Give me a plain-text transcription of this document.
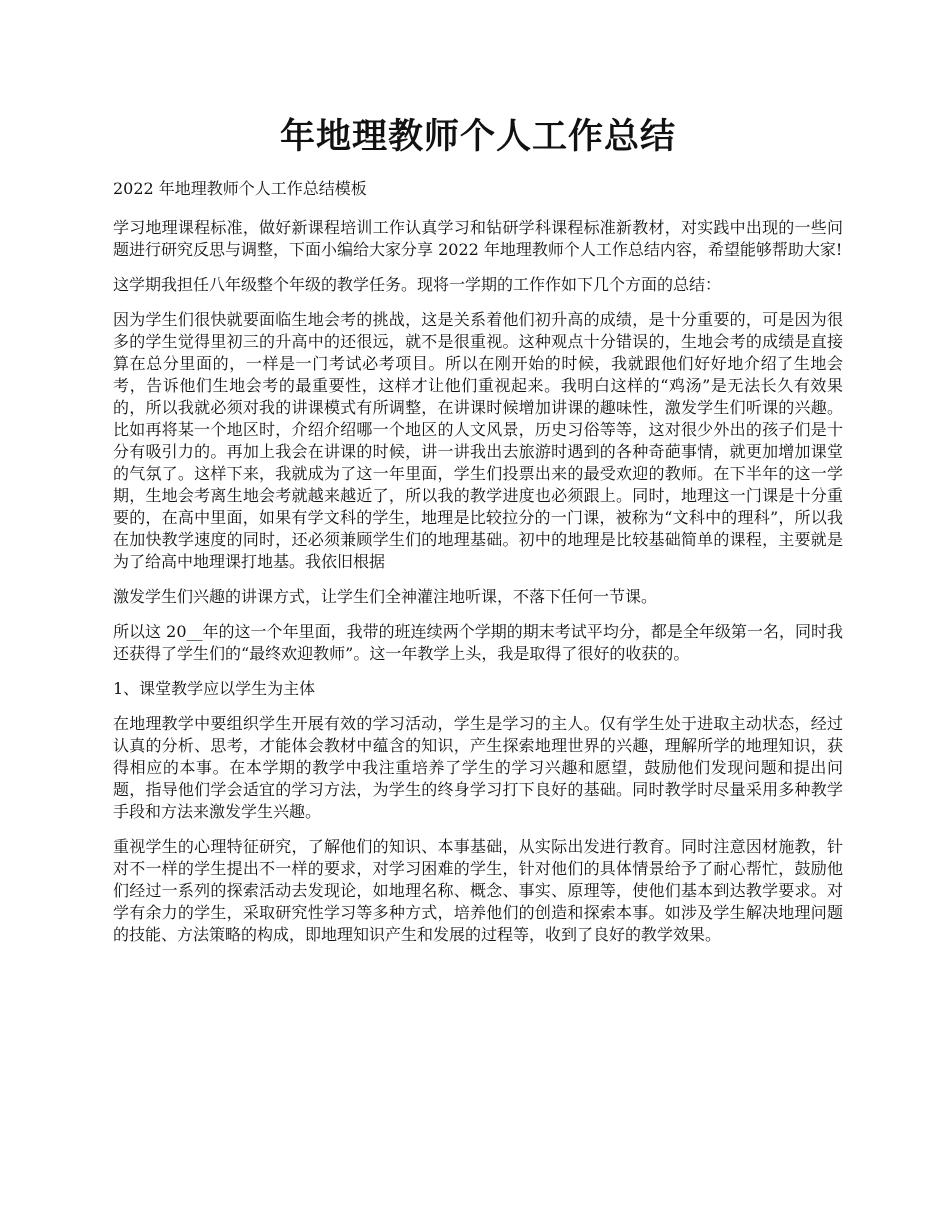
年地理教师个人工作总结

2022 年地理教师个人工作总结模板

学习地理课程标准，做好新课程培训工作认真学习和钻研学科课程标准新教材，对实践中出现的一些问题进行研究反思与调整，下面小编给大家分享 2022 年地理教师个人工作总结内容，希望能够帮助大家!

这学期我担任八年级整个年级的教学任务。现将一学期的工作作如下几个方面的总结：

因为学生们很快就要面临生地会考的挑战，这是关系着他们初升高的成绩，是十分重要的，可是因为很多的学生觉得里初三的升高中的还很远，就不是很重视。这种观点十分错误的，生地会考的成绩是直接算在总分里面的，一样是一门考试必考项目。所以在刚开始的时候，我就跟他们好好地介绍了生地会考，告诉他们生地会考的最重要性，这样才让他们重视起来。我明白这样的“鸡汤”是无法长久有效果的，所以我就必须对我的讲课模式有所调整，在讲课时候增加讲课的趣味性，激发学生们听课的兴趣。比如再将某一个地区时，介绍介绍哪一个地区的人文风景，历史习俗等等，这对很少外出的孩子们是十分有吸引力的。再加上我会在讲课的时候，讲一讲我出去旅游时遇到的各种奇葩事情，就更加增加课堂的气氛了。这样下来，我就成为了这一年里面，学生们投票出来的最受欢迎的教师。在下半年的这一学期，生地会考离生地会考就越来越近了，所以我的教学进度也必须跟上。同时，地理这一门课是十分重要的，在高中里面，如果有学文科的学生，地理是比较拉分的一门课，被称为“文科中的理科”，所以我在加快教学速度的同时，还必须兼顾学生们的地理基础。初中的地理是比较基础简单的课程，主要就是为了给高中地理课打地基。我依旧根据

激发学生们兴趣的讲课方式，让学生们全神灌注地听课，不落下任何一节课。

所以这 20__年的这一个年里面，我带的班连续两个学期的期末考试平均分，都是全年级第一名，同时我还获得了学生们的“最终欢迎教师”。这一年教学上头，我是取得了很好的收获的。

1、课堂教学应以学生为主体

在地理教学中要组织学生开展有效的学习活动，学生是学习的主人。仅有学生处于进取主动状态，经过认真的分析、思考，才能体会教材中蕴含的知识，产生探索地理世界的兴趣，理解所学的地理知识，获得相应的本事。在本学期的教学中我注重培养了学生的学习兴趣和愿望，鼓励他们发现问题和提出问题，指导他们学会适宜的学习方法，为学生的终身学习打下良好的基础。同时教学时尽量采用多种教学手段和方法来激发学生兴趣。

重视学生的心理特征研究，了解他们的知识、本事基础，从实际出发进行教育。同时注意因材施教，针对不一样的学生提出不一样的要求，对学习困难的学生，针对他们的具体情景给予了耐心帮忙，鼓励他们经过一系列的探索活动去发现论，如地理名称、概念、事实、原理等，使他们基本到达教学要求。对学有余力的学生，采取研究性学习等多种方式，培养他们的创造和探索本事。如涉及学生解决地理问题的技能、方法策略的构成，即地理知识产生和发展的过程等，收到了良好的教学效果。
